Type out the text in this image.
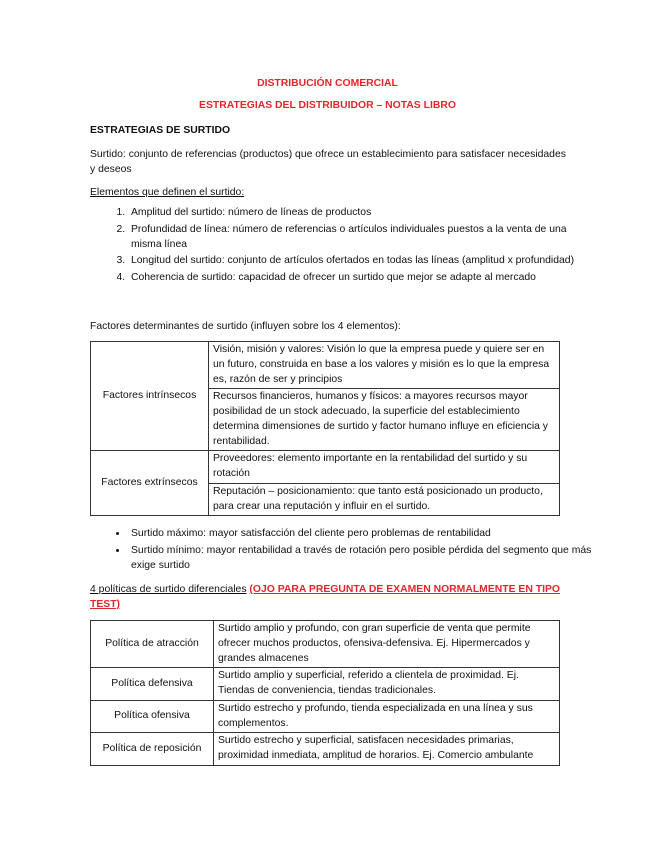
DISTRIBUCIÓN COMERCIAL
ESTRATEGIAS DEL DISTRIBUIDOR – NOTAS LIBRO
ESTRATEGIAS DE SURTIDO
Surtido: conjunto de referencias (productos) que ofrece un establecimiento para satisfacer necesidades y deseos
Elementos que definen el surtido:
1. Amplitud del surtido: número de líneas de productos
2. Profundidad de línea: número de referencias o artículos individuales puestos a la venta de una misma línea
3. Longitud del surtido: conjunto de artículos ofertados en todas las líneas (amplitud x profundidad)
4. Coherencia de surtido: capacidad de ofrecer un surtido que mejor se adapte al mercado
Factores determinantes de surtido (influyen sobre los 4 elementos):
Factores intrínsecos	Visión, misión y valores: Visión lo que la empresa puede y quiere ser en un futuro, construida en base a los valores y misión es lo que la empresa es, razón de ser y principios
	Recursos financieros, humanos y físicos: a mayores recursos mayor posibilidad de un stock adecuado, la superficie del establecimiento determina dimensiones de surtido y factor humano influye en eficiencia y rentabilidad.
Factores extrínsecos	Proveedores: elemento importante en la rentabilidad del surtido y su rotación
	Reputación – posicionamiento: que tanto está posicionado un producto, para crear una reputación y influir en el surtido.
• Surtido máximo: mayor satisfacción del cliente pero problemas de rentabilidad
• Surtido mínimo: mayor rentabilidad a través de rotación pero posible pérdida del segmento que más exige surtido
4 políticas de surtido diferenciales (OJO PARA PREGUNTA DE EXAMEN NORMALMENTE EN TIPO TEST)
Política de atracción	Surtido amplio y profundo, con gran superficie de venta que permite ofrecer muchos productos, ofensiva-defensiva. Ej. Hipermercados y grandes almacenes
Política defensiva	Surtido amplio y superficial, referido a clientela de proximidad. Ej. Tiendas de conveniencia, tiendas tradicionales.
Política ofensiva	Surtido estrecho y profundo, tienda especializada en una línea y sus complementos.
Política de reposición	Surtido estrecho y superficial, satisfacen necesidades primarias, proximidad inmediata, amplitud de horarios. Ej. Comercio ambulante
